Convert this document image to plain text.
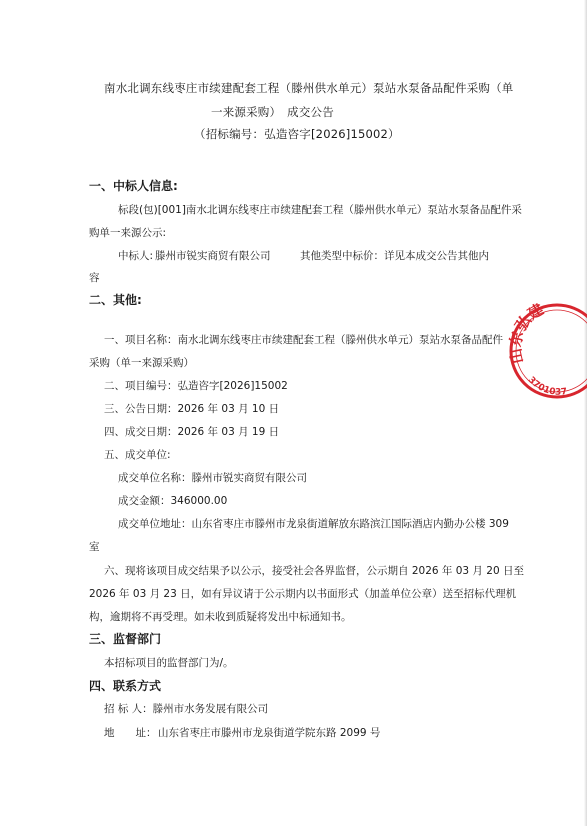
南水北调东线枣庄市续建配套工程（滕州供水单元）泵站水泵备品配件采购（单
一来源采购）　成交公告
（招标编号：弘造咨字[2026]15002）
一、中标人信息:
标段(包)[001]南水北调东线枣庄市续建配套工程（滕州供水单元）泵站水泵备品配件采
购单一来源公示:
中标人: 滕州市锐实商贸有限公司	其他类型中标价：详见本成交公告其他内
容
二、其他:
一、项目名称：南水北调东线枣庄市续建配套工程（滕州供水单元）泵站水泵备品配件
采购（单一来源采购）
二、项目编号：弘造咨字[2026]15002
三、公告日期：2026 年 03 月 10 日
四、成交日期：2026 年 03 月 19 日
五、成交单位:
成交单位名称：滕州市锐实商贸有限公司
成交金额：346000.00
成交单位地址：山东省枣庄市滕州市龙泉街道解放东路滨江国际酒店内勤办公楼 309
室
六、现将该项目成交结果予以公示，接受社会各界监督，公示期自 2026 年 03 月 20 日至
2026 年 03 月 23 日，如有异议请于公示期内以书面形式（加盖单位公章）送至招标代理机
构，逾期将不再受理。如未收到质疑将发出中标通知书。
三、监督部门
本招标项目的监督部门为/。
四、联系方式
招 标 人：滕州市水务发展有限公司
地　　址： 山东省枣庄市滕州市龙泉街道学院东路 2099 号
山东弘建
3701037
